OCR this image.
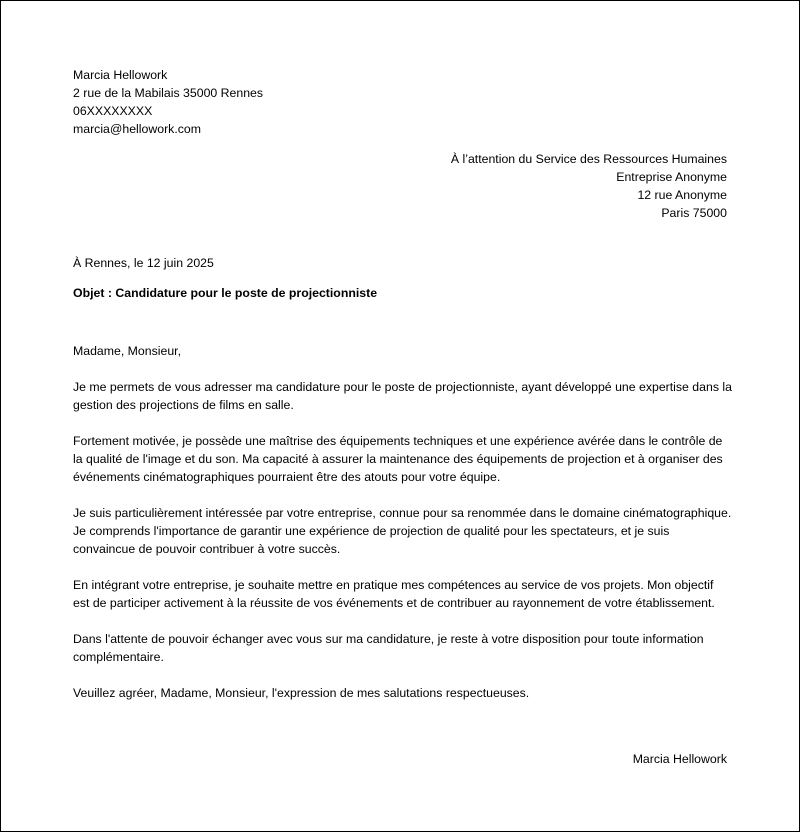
Marcia Hellowork
2 rue de la Mabilais 35000 Rennes
06XXXXXXXX
marcia@hellowork.com
À l’attention du Service des Ressources Humaines
Entreprise Anonyme
12 rue Anonyme
Paris 75000
À Rennes, le 12 juin 2025
Objet : Candidature pour le poste de projectionniste

Madame, Monsieur,

Je me permets de vous adresser ma candidature pour le poste de projectionniste, ayant développé une expertise dans la gestion des projections de films en salle.

Fortement motivée, je possède une maîtrise des équipements techniques et une expérience avérée dans le contrôle de la qualité de l'image et du son. Ma capacité à assurer la maintenance des équipements de projection et à organiser des événements cinématographiques pourraient être des atouts pour votre équipe.

Je suis particulièrement intéressée par votre entreprise, connue pour sa renommée dans le domaine cinématographique. Je comprends l'importance de garantir une expérience de projection de qualité pour les spectateurs, et je suis convaincue de pouvoir contribuer à votre succès.

En intégrant votre entreprise, je souhaite mettre en pratique mes compétences au service de vos projets. Mon objectif est de participer activement à la réussite de vos événements et de contribuer au rayonnement de votre établissement.

Dans l'attente de pouvoir échanger avec vous sur ma candidature, je reste à votre disposition pour toute information complémentaire.

Veuillez agréer, Madame, Monsieur, l'expression de mes salutations respectueuses.

Marcia Hellowork
